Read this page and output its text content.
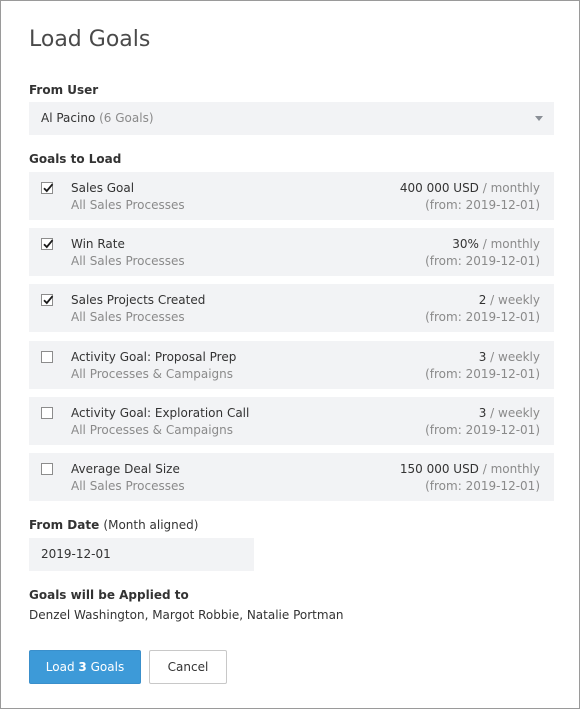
Load Goals
From User
Al Pacino (6 Goals)
Goals to Load
Sales Goal
All Sales Processes
400 000 USD / monthly
(from: 2019-12-01)
Win Rate
All Sales Processes
30% / monthly
(from: 2019-12-01)
Sales Projects Created
All Sales Processes
2 / weekly
(from: 2019-12-01)
Activity Goal: Proposal Prep
All Processes & Campaigns
3 / weekly
(from: 2019-12-01)
Activity Goal: Exploration Call
All Processes & Campaigns
3 / weekly
(from: 2019-12-01)
Average Deal Size
All Sales Processes
150 000 USD / monthly
(from: 2019-12-01)
From Date (Month aligned)
2019-12-01
Goals will be Applied to
Denzel Washington, Margot Robbie, Natalie Portman
Load 3 Goals	Cancel
